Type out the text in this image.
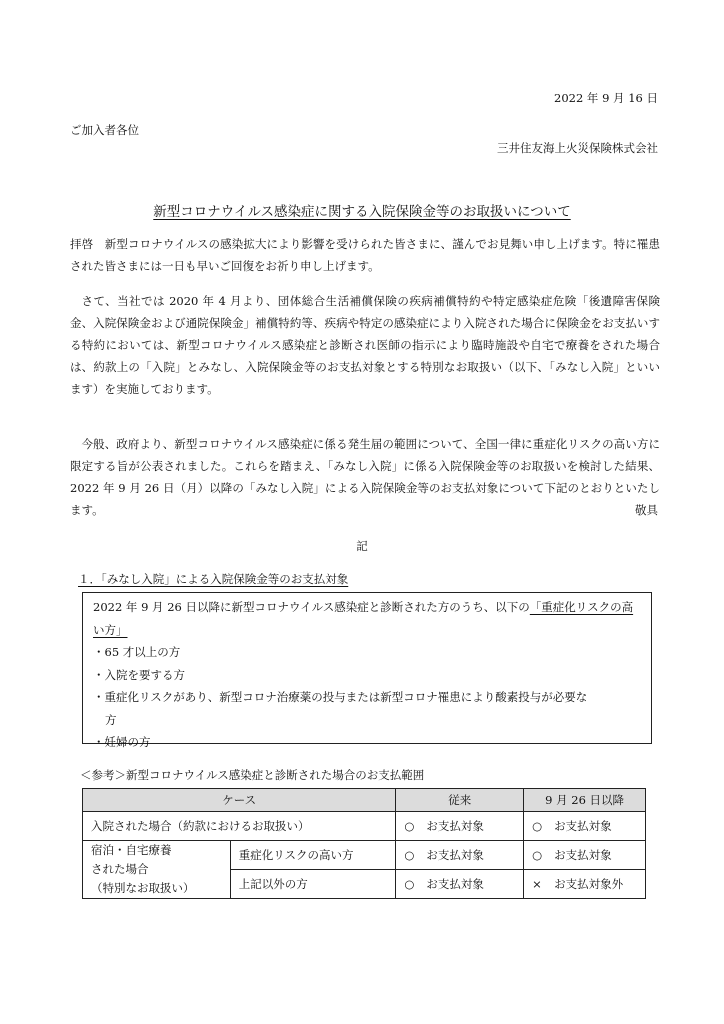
2022 年 9 月 16 日
ご加入者各位
三井住友海上火災保険株式会社
新型コロナウイルス感染症に関する入院保険金等のお取扱いについて

拝啓　新型コロナウイルスの感染拡大により影響を受けられた皆さまに、謹んでお見舞い申し上げます。特に罹患された皆さまには一日も早いご回復をお祈り申し上げます。

さて、当社では 2020 年 4 月より、団体総合生活補償保険の疾病補償特約や特定感染症危険「後遺障害保険金、入院保険金および通院保険金」補償特約等、疾病や特定の感染症により入院された場合に保険金をお支払いする特約においては、新型コロナウイルス感染症と診断され医師の指示により臨時施設や自宅で療養をされた場合は、約款上の「入院」とみなし、入院保険金等のお支払対象とする特別なお取扱い（以下、「みなし入院」といいます）を実施しております。

今般、政府より、新型コロナウイルス感染症に係る発生届の範囲について、全国一律に重症化リスクの高い方に限定する旨が公表されました。これらを踏まえ、「みなし入院」に係る入院保険金等のお取扱いを検討した結果、2022 年 9 月 26 日（月）以降の「みなし入院」による入院保険金等のお支払対象について下記のとおりといたします。	敬具
記
１．「みなし入院」による入院保険金等のお支払対象
2022 年 9 月 26 日以降に新型コロナウイルス感染症と診断された方のうち、以下の「重症化リスクの高い方」
・65 才以上の方
・入院を要する方
・重症化リスクがあり、新型コロナ治療薬の投与または新型コロナ罹患により酸素投与が必要な
方
・妊婦の方
＜参考＞新型コロナウイルス感染症と診断された場合のお支払範囲
ケース		従来	9 月 26 日以降
入院された場合（約款におけるお取扱い）		○ お支払対象	○ お支払対象

宿泊・自宅療養
された場合
（特別なお取扱い）	重症化リスクの高い方	○ お支払対象	○ お支払対象
	上記以外の方	○ お支払対象	× お支払対象外
